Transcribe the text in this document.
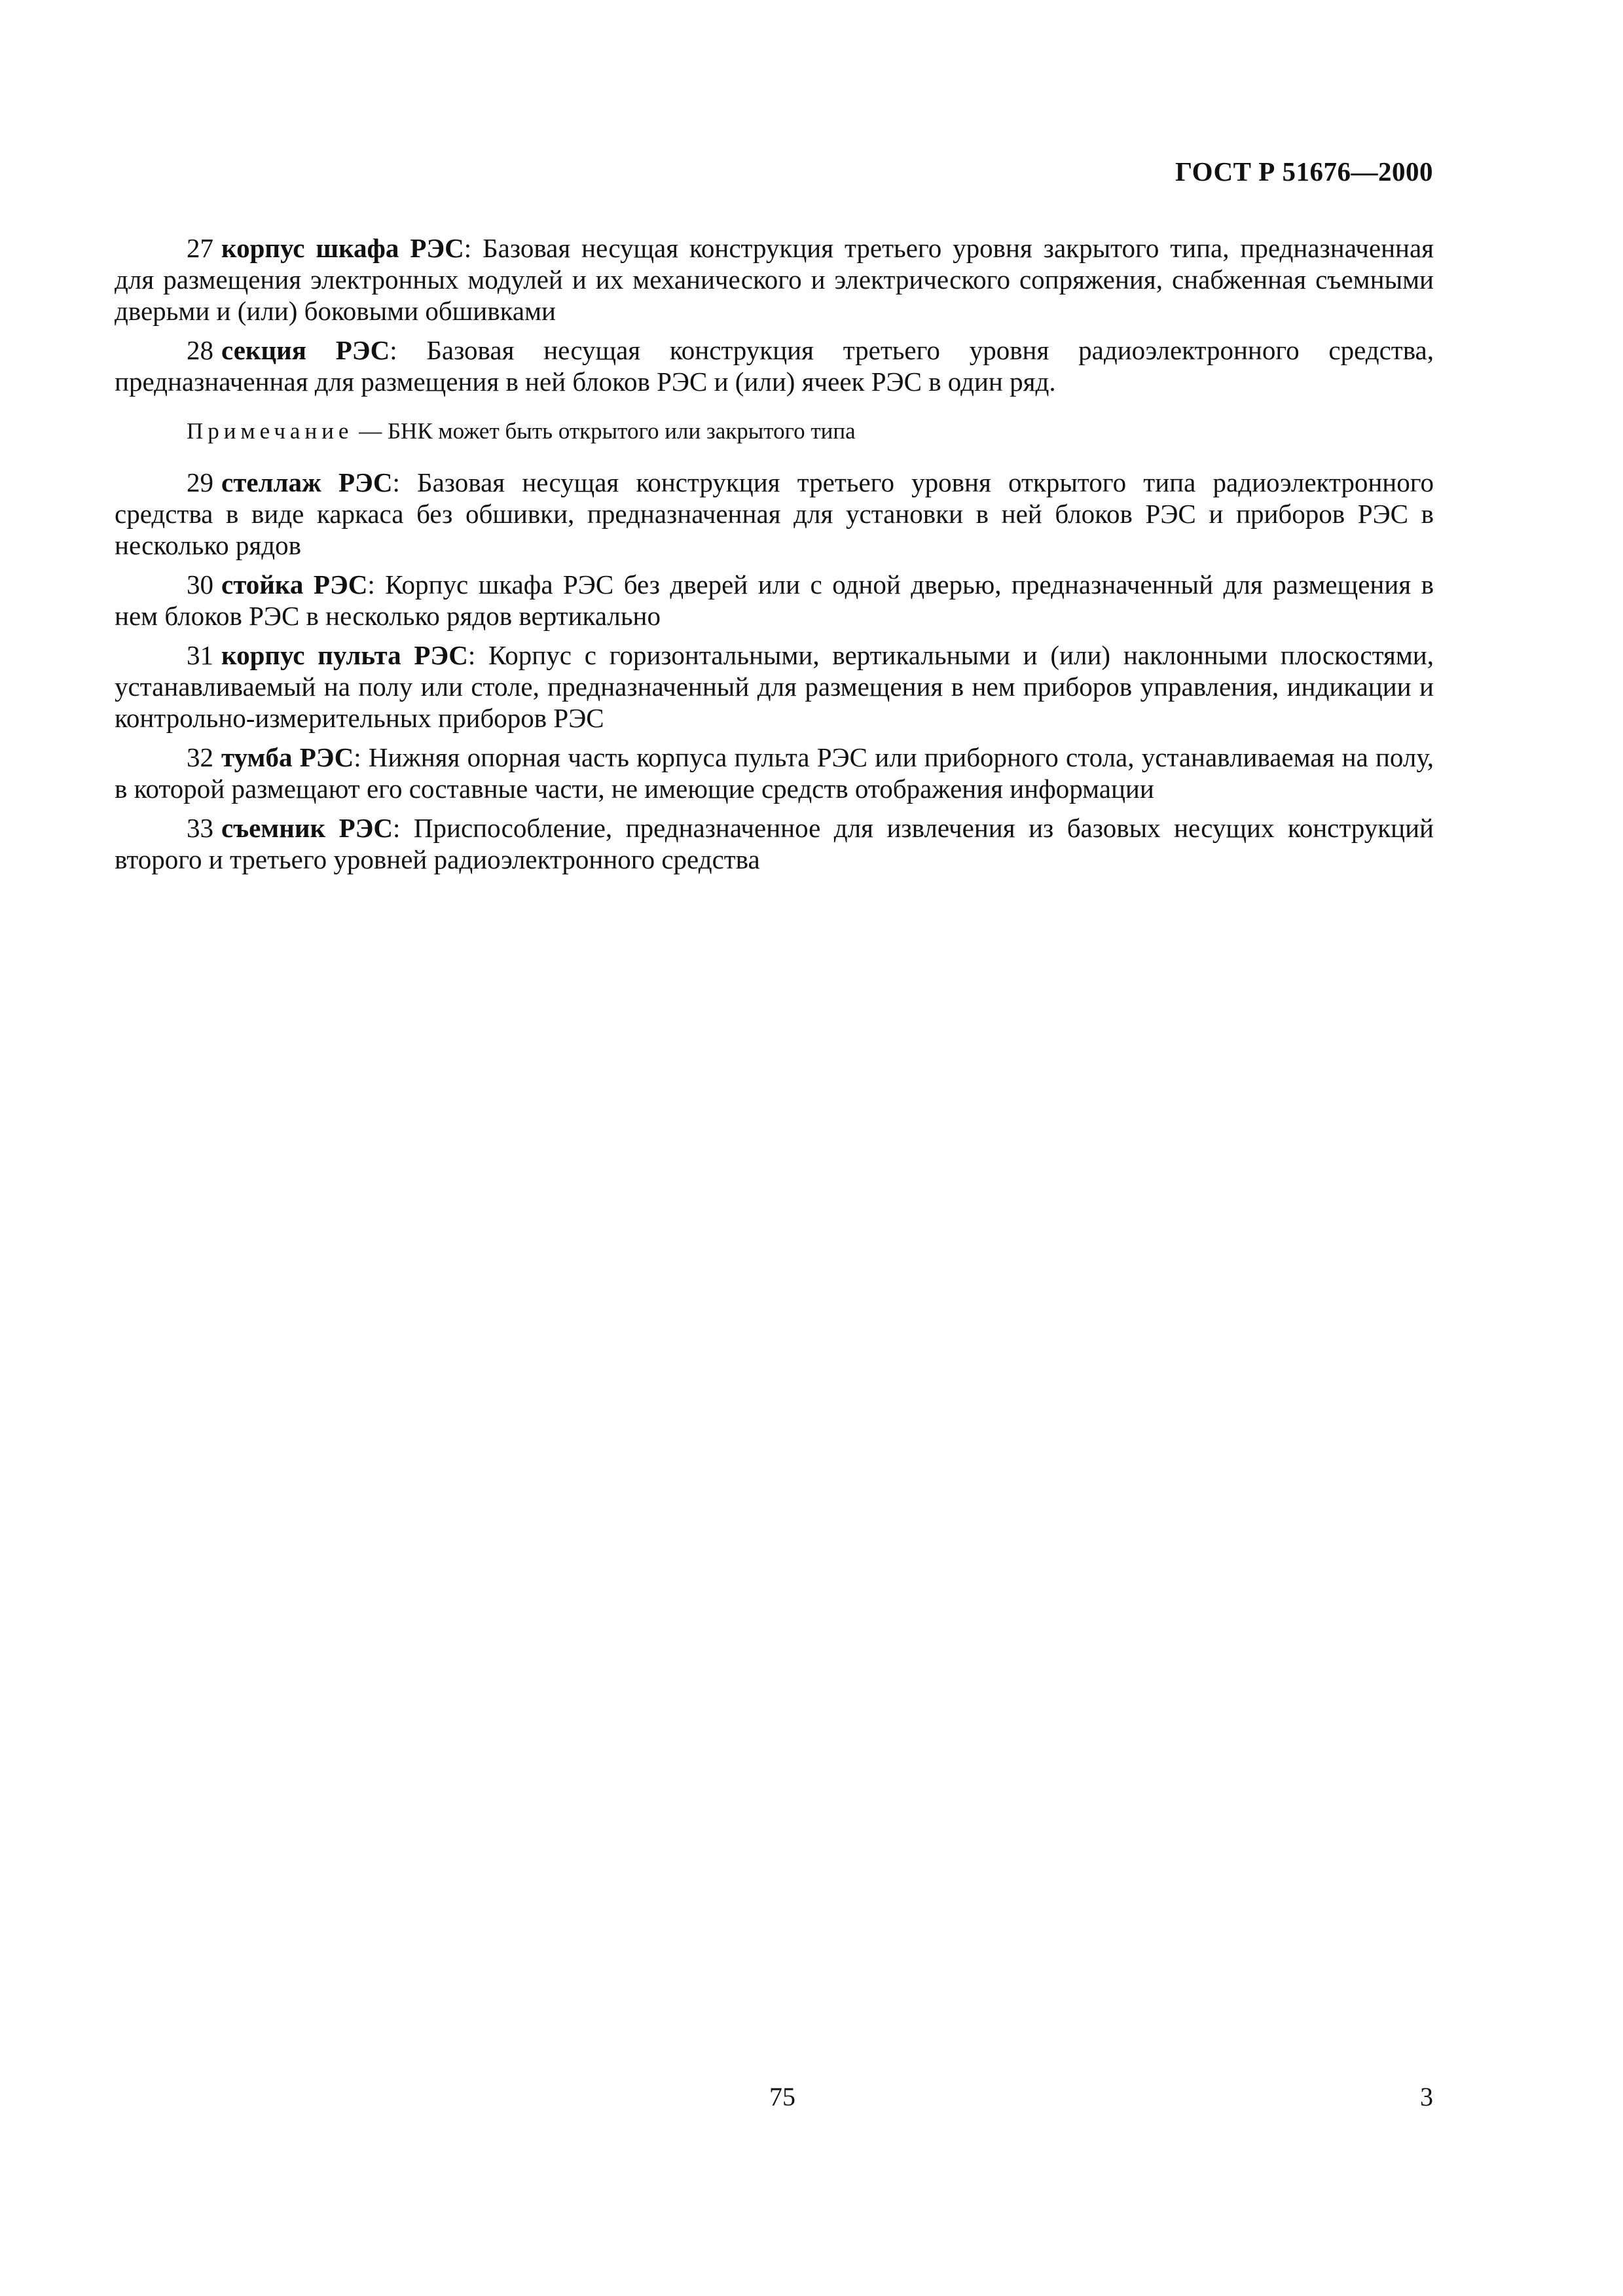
ГОСТ Р 51676—2000

27 корпус шкафа РЭС: Базовая несущая конструкция третьего уровня закрытого типа, предназначенная для размещения электронных модулей и их механического и электрического сопряжения, снабженная съемными дверьми и (или) боковыми обшивками

28 секция РЭС: Базовая несущая конструкция третьего уровня радиоэлектронного средства, предназначенная для размещения в ней блоков РЭС и (или) ячеек РЭС в один ряд.

Примечание — БНК может быть открытого или закрытого типа

29 стеллаж РЭС: Базовая несущая конструкция третьего уровня открытого типа радиоэлектронного средства в виде каркаса без обшивки, предназначенная для установки в ней блоков РЭС и приборов РЭС в несколько рядов

30 стойка РЭС: Корпус шкафа РЭС без дверей или с одной дверью, предназначенный для размещения в нем блоков РЭС в несколько рядов вертикально

31 корпус пульта РЭС: Корпус с горизонтальными, вертикальными и (или) наклонными плоскостями, устанавливаемый на полу или столе, предназначенный для размещения в нем приборов управления, индикации и контрольно-измерительных приборов РЭС

32 тумба РЭС: Нижняя опорная часть корпуса пульта РЭС или приборного стола, устанавливаемая на полу, в которой размещают его составные части, не имеющие средств отображения информации

33 съемник РЭС: Приспособление, предназначенное для извлечения из базовых несущих конструкций второго и третьего уровней радиоэлектронного средства

75	3
